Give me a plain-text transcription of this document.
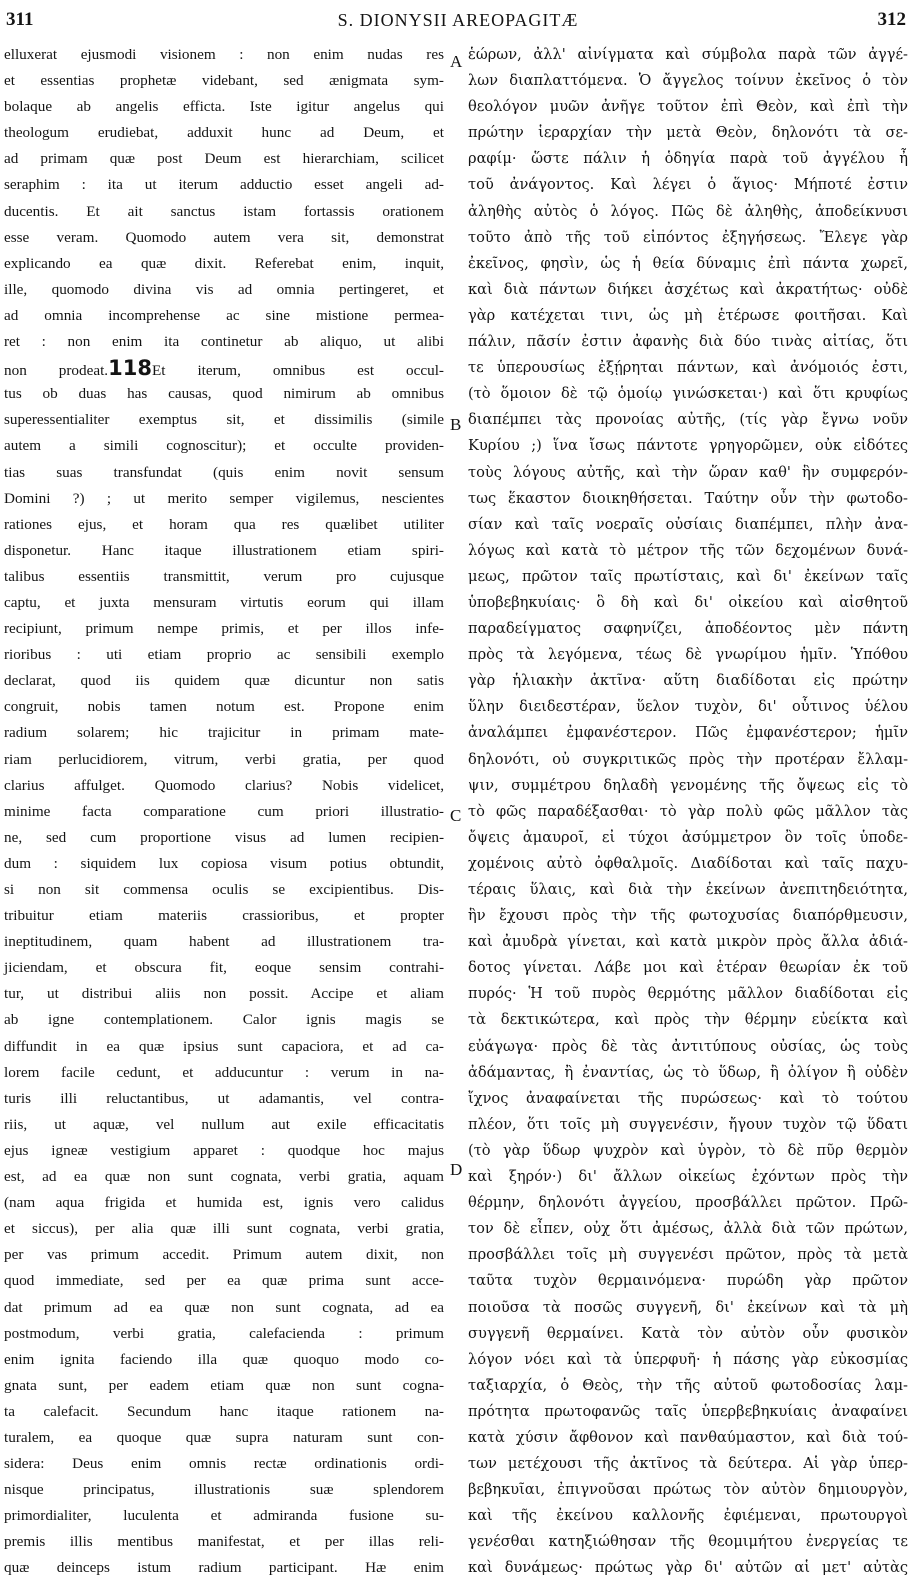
311	S. DIONYSII AREOPAGITÆ	312
elluxerat ejusmodi visionem : non enim nudas res
et essentias prophetæ videbant, sed ænigmata sym-
bolaque ab angelis efficta. Iste igitur angelus qui
theologum erudiebat, adduxit hunc ad Deum, et
ad primam quæ post Deum est hierarchiam, scilicet
seraphim : ita ut iterum adductio esset angeli ad-
ducentis. Et ait sanctus istam fortassis orationem
esse veram. Quomodo autem vera sit, demonstrat
explicando ea quæ dixit. Referebat enim, inquit,
ille, quomodo divina vis ad omnia pertingeret, et
ad omnia incomprehense ac sine mistione permea-
ret : non enim ita continetur ab aliquo, ut alibi
non prodeat.118Et iterum, omnibus est occul-
tus ob duas has causas, quod nimirum ab omnibus
superessentialiter exemptus sit, et dissimilis (simile
autem a simili cognoscitur); et occulte providen-
tias suas transfundat (quis enim novit sensum
Domini ?) ; ut merito semper vigilemus, nescientes
rationes ejus, et horam qua res quælibet utiliter
disponetur. Hanc itaque illustrationem etiam spiri-
talibus essentiis transmittit, verum pro cujusque
captu, et juxta mensuram virtutis eorum qui illam
recipiunt, primum nempe primis, et per illos infe-
rioribus : uti etiam proprio ac sensibili exemplo
declarat, quod iis quidem quæ dicuntur non satis
congruit, nobis tamen notum est. Propone enim
radium solarem; hic trajicitur in primam mate-
riam perlucidiorem, vitrum, verbi gratia, per quod
clarius affulget. Quomodo clarius? Nobis videlicet,
minime facta comparatione cum priori illustratio-
ne, sed cum proportione visus ad lumen recipien-
dum : siquidem lux copiosa visum potius obtundit,
si non sit commensa oculis se excipientibus. Dis-
tribuitur etiam materiis crassioribus, et propter
ineptitudinem, quam habent ad illustrationem tra-
jiciendam, et obscura fit, eoque sensim contrahi-
tur, ut distribui aliis non possit. Accipe et aliam
ab igne contemplationem. Calor ignis magis se
diffundit in ea quæ ipsius sunt capaciora, et ad ca-
lorem facile cedunt, et adducuntur : verum in na-
turis illi reluctantibus, ut adamantis, vel contra-
riis, ut aquæ, vel nullum aut exile efficacitatis
ejus igneæ vestigium apparet : quodque hoc majus
est, ad ea quæ non sunt cognata, verbi gratia, aquam
(nam aqua frigida et humida est, ignis vero calidus
et siccus), per alia quæ illi sunt cognata, verbi gratia,
per vas primum accedit. Primum autem dixit, non
quod immediate, sed per ea quæ prima sunt acce-
dat primum ad ea quæ non sunt cognata, ad ea
postmodum, verbi gratia, calefacienda : primum
enim ignita faciendo illa quæ quoquo modo co-
gnata sunt, per eadem etiam quæ non sunt cogna-
ta calefacit. Secundum hanc itaque rationem na-
turalem, ea quoque quæ supra naturam sunt con-
sidera: Deus enim omnis rectæ ordinationis ordi-
nisque principatus, illustrationis suæ splendorem
primordialiter, luculenta et admiranda fusione su-
premis illis mentibus manifestat, et per illas reli-
quæ deinceps istum radium participant. Hæ enim
A
B
C
D
ἑώρων, ἀλλ' αἰνίγματα καὶ σύμβολα παρὰ τῶν ἀγγέ-
λων διαπλαττόμενα. Ὁ ἄγγελος τοίνυν ἐκεῖνος ὁ τὸν
θεολόγον μυῶν ἀνῆγε τοῦτον ἐπὶ Θεὸν, καὶ ἐπὶ τὴν
πρώτην ἱεραρχίαν τὴν μετὰ Θεὸν, δηλονότι τὰ σε-
ραφίμ· ὥστε πάλιν ἡ ὁδηγία παρὰ τοῦ ἀγγέλου ἦ
τοῦ ἀνάγοντος. Καὶ λέγει ὁ ἅγιος· Μήποτέ ἐστιν
ἀληθὴς αὐτὸς ὁ λόγος. Πῶς δὲ ἀληθὴς, ἀποδείκνυσι
τοῦτο ἀπὸ τῆς τοῦ εἰπόντος ἐξηγήσεως. Ἔλεγε γὰρ
ἐκεῖνος, φησὶν, ὡς ἡ θεία δύναμις ἐπὶ πάντα χωρεῖ,
καὶ διὰ πάντων διήκει ἀσχέτως καὶ ἀκρατήτως· οὐδὲ
γὰρ κατέχεται τινι, ὡς μὴ ἑτέρωσε φοιτῆσαι. Καὶ
πάλιν, πᾶσίν ἐστιν ἀφανὴς διὰ δύο τινὰς αἰτίας, ὅτι
τε ὑπερουσίως ἐξῄρηται πάντων, καὶ ἀνόμοιός ἐστι,
(τὸ ὅμοιον δὲ τῷ ὁμοίῳ γινώσκεται·) καὶ ὅτι κρυφίως
διαπέμπει τὰς προνοίας αὐτῆς, (τίς γὰρ ἔγνω νοῦν
Κυρίου ;) ἵνα ἴσως πάντοτε γρηγορῶμεν, οὐκ εἰδότες
τοὺς λόγους αὐτῆς, καὶ τὴν ὥραν καθ' ἣν συμφερόν-
τως ἕκαστον διοικηθήσεται. Ταύτην οὖν τὴν φωτοδο-
σίαν καὶ ταῖς νοεραῖς οὐσίαις διαπέμπει, πλὴν ἀνα-
λόγως καὶ κατὰ τὸ μέτρον τῆς τῶν δεχομένων δυνά-
μεως, πρῶτον ταῖς πρωτίσταις, καὶ δι' ἐκείνων ταῖς
ὑποβεβηκυίαις· ὃ δὴ καὶ δι' οἰκείου καὶ αἰσθητοῦ
παραδείγματος σαφηνίζει, ἀποδέοντος μὲν πάντη
πρὸς τὰ λεγόμενα, τέως δὲ γνωρίμου ἡμῖν. Ὑπόθου
γὰρ ἡλιακὴν ἀκτῖνα· αὕτη διαδίδοται εἰς πρώτην
ὕλην διειδεστέραν, ὕελον τυχὸν, δι' οὗτινος ὑέλου
ἀναλάμπει ἐμφανέστερον. Πῶς ἐμφανέστερον; ἡμῖν
δηλονότι, οὐ συγκριτικῶς πρὸς τὴν προτέραν ἔλλαμ-
ψιν, συμμέτρου δηλαδὴ γενομένης τῆς ὄψεως εἰς τὸ
τὸ φῶς παραδέξασθαι· τὸ γὰρ πολὺ φῶς μᾶλλον τὰς
ὄψεις ἀμαυροῖ, εἰ τύχοι ἀσύμμετρον ὂν τοῖς ὑποδε-
χομένοις αὐτὸ ὀφθαλμοῖς. Διαδίδοται καὶ ταῖς παχυ-
τέραις ὕλαις, καὶ διὰ τὴν ἐκείνων ἀνεπιτηδειότητα,
ἣν ἔχουσι πρὸς τὴν τῆς φωτοχυσίας διαπόρθμευσιν,
καὶ ἀμυδρὰ γίνεται, καὶ κατὰ μικρὸν πρὸς ἄλλα ἀδιά-
δοτος γίνεται. Λάβε μοι καὶ ἑτέραν θεωρίαν ἐκ τοῦ
πυρός· Ἡ τοῦ πυρὸς θερμότης μᾶλλον διαδίδοται εἰς
τὰ δεκτικώτερα, καὶ πρὸς τὴν θέρμην εὐείκτα καὶ
εὐάγωγα· πρὸς δὲ τὰς ἀντιτύπους οὐσίας, ὡς τοὺς
ἀδάμαντας, ἢ ἐναντίας, ὡς τὸ ὕδωρ, ἢ ὀλίγον ἢ οὐδὲν
ἴχνος ἀναφαίνεται τῆς πυρώσεως· καὶ τὸ τούτου
πλέον, ὅτι τοῖς μὴ συγγενέσιν, ἤγουν τυχὸν τῷ ὕδατι
(τὸ γὰρ ὕδωρ ψυχρὸν καὶ ὑγρὸν, τὸ δὲ πῦρ θερμὸν
καὶ ξηρόν·) δι' ἄλλων οἰκείως ἐχόντων πρὸς τὴν
θέρμην, δηλονότι ἀγγείου, προσβάλλει πρῶτον. Πρῶ-
τον δὲ εἶπεν, οὐχ ὅτι ἀμέσως, ἀλλὰ διὰ τῶν πρώτων,
προσβάλλει τοῖς μὴ συγγενέσι πρῶτον, πρὸς τὰ μετὰ
ταῦτα τυχὸν θερμαινόμενα· πυρώδη γὰρ πρῶτον
ποιοῦσα τὰ ποσῶς συγγενῆ, δι' ἐκείνων καὶ τὰ μὴ
συγγενῆ θερμαίνει. Κατὰ τὸν αὐτὸν οὖν φυσικὸν
λόγον νόει καὶ τὰ ὑπερφυῆ· ἡ πάσης γὰρ εὐκοσμίας
ταξιαρχία, ὁ Θεὸς, τὴν τῆς αὐτοῦ φωτοδοσίας λαμ-
πρότητα πρωτοφανῶς ταῖς ὑπερβεβηκυίαις ἀναφαίνει
κατὰ χύσιν ἄφθονον καὶ πανθαύμαστον, καὶ διὰ τού-
των μετέχουσι τῆς ἀκτῖνος τὰ δεύτερα. Αἱ γὰρ ὑπερ-
βεβηκυῖαι, ἐπιγνοῦσαι πρώτως τὸν αὐτὸν δημιουργὸν,
καὶ τῆς ἐκείνου καλλονῆς ἐφιέμεναι, πρωτουργοὶ
γενέσθαι κατηξιώθησαν τῆς θεομιμήτου ἐνεργείας τε
καὶ δυνάμεως· πρώτως γὰρ δι' αὐτῶν αἱ μετ' αὐτὰς
